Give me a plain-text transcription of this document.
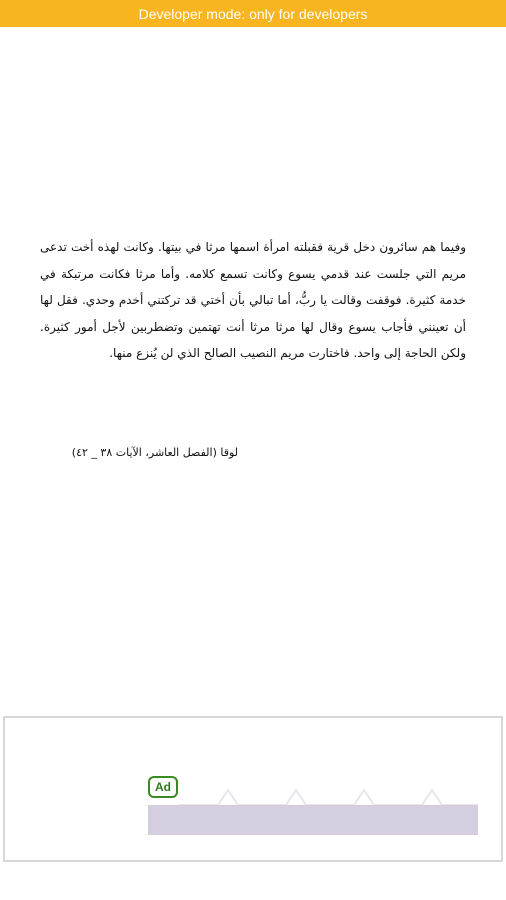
Developer mode: only for developers

وفيما هم سائرون دخل قرية فقبلته امرأة اسمها مرثا في بيتها. وكانت لهذه أخت تدعى مريم التي جلست عند قدمي يسوع وكانت تسمع كلامه. وأما مرثا فكانت مرتبكة في خدمة كثيرة. فوقفت وقالت يا ربُّ، أما تبالي بأن أختي قد تركتني أخدم وحدي. فقل لها أن تعينني فأجاب يسوع وقال لها مرثا مرثا أنت تهتمين وتضطربين لأجل أمور كثيرة. ولكن الحاجة إلى واحد. فاختارت مريم النصيب الصالح الذي لن يُنزع منها.

لوقا (الفصل العاشر، الآيات ٣٨ _ ٤٢)
Ad
